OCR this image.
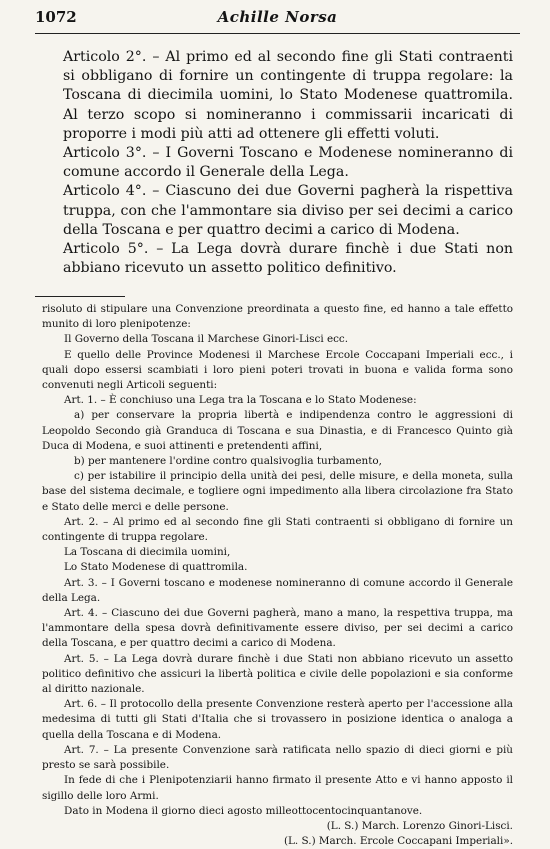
1072	Achille Norsa

Articolo 2°. – Al primo ed al secondo fine gli Stati contraenti si obbligano di fornire un contingente di truppa regolare: la Toscana di diecimila uomini, lo Stato Modenese quattromila. Al terzo scopo si nomineranno i commissarii incaricati di proporre i modi più atti ad ottenere gli effetti voluti.

Articolo 3°. – I Governi Toscano e Modenese nomineranno di comune accordo il Generale della Lega.

Articolo 4°. – Ciascuno dei due Governi pagherà la rispettiva truppa, con che l'ammontare sia diviso per sei decimi a carico della Toscana e per quattro decimi a carico di Modena.

Articolo 5°. – La Lega dovrà durare finchè i due Stati non abbiano ricevuto un assetto politico definitivo.

risoluto di stipulare una Convenzione preordinata a questo fine, ed hanno a tale effetto munito di loro plenipotenze:

Il Governo della Toscana il Marchese Ginori-Lisci ecc.

E quello delle Province Modenesi il Marchese Ercole Coccapani Imperiali ecc., i quali dopo essersi scambiati i loro pieni poteri trovati in buona e valida forma sono convenuti negli Articoli seguenti:

Art. 1. – È conchiuso una Lega tra la Toscana e lo Stato Modenese:

a) per conservare la propria libertà e indipendenza contro le aggressioni di Leopoldo Secondo già Granduca di Toscana e sua Dinastia, e di Francesco Quinto già Duca di Modena, e suoi attinenti e pretendenti affini,

b) per mantenere l'ordine contro qualsivoglia turbamento,

c) per istabilire il principio della unità dei pesi, delle misure, e della moneta, sulla base del sistema decimale, e togliere ogni impedimento alla libera circolazione fra Stato e Stato delle merci e delle persone.

Art. 2. – Al primo ed al secondo fine gli Stati contraenti si obbligano di fornire un contingente di truppa regolare.

La Toscana di diecimila uomini,

Lo Stato Modenese di quattromila.

Art. 3. – I Governi toscano e modenese nomineranno di comune accordo il Generale della Lega.

Art. 4. – Ciascuno dei due Governi pagherà, mano a mano, la respettiva truppa, ma l'ammontare della spesa dovrà definitivamente essere diviso, per sei decimi a carico della Toscana, e per quattro decimi a carico di Modena.

Art. 5. – La Lega dovrà durare finchè i due Stati non abbiano ricevuto un assetto politico definitivo che assicuri la libertà politica e civile delle popolazioni e sia conforme al diritto nazionale.

Art. 6. – Il protocollo della presente Convenzione resterà aperto per l'accessione alla medesima di tutti gli Stati d'Italia che si trovassero in posizione identica o analoga a quella della Toscana e di Modena.

Art. 7. – La presente Convenzione sarà ratificata nello spazio di dieci giorni e più presto se sarà possibile.

In fede di che i Plenipotenziarii hanno firmato il presente Atto e vi hanno apposto il sigillo delle loro Armi.

Dato in Modena il giorno dieci agosto milleottocentocinquantanove.

(L. S.) March. Lorenzo Ginori-Lisci.

(L. S.) March. Ercole Coccapani Imperiali».
